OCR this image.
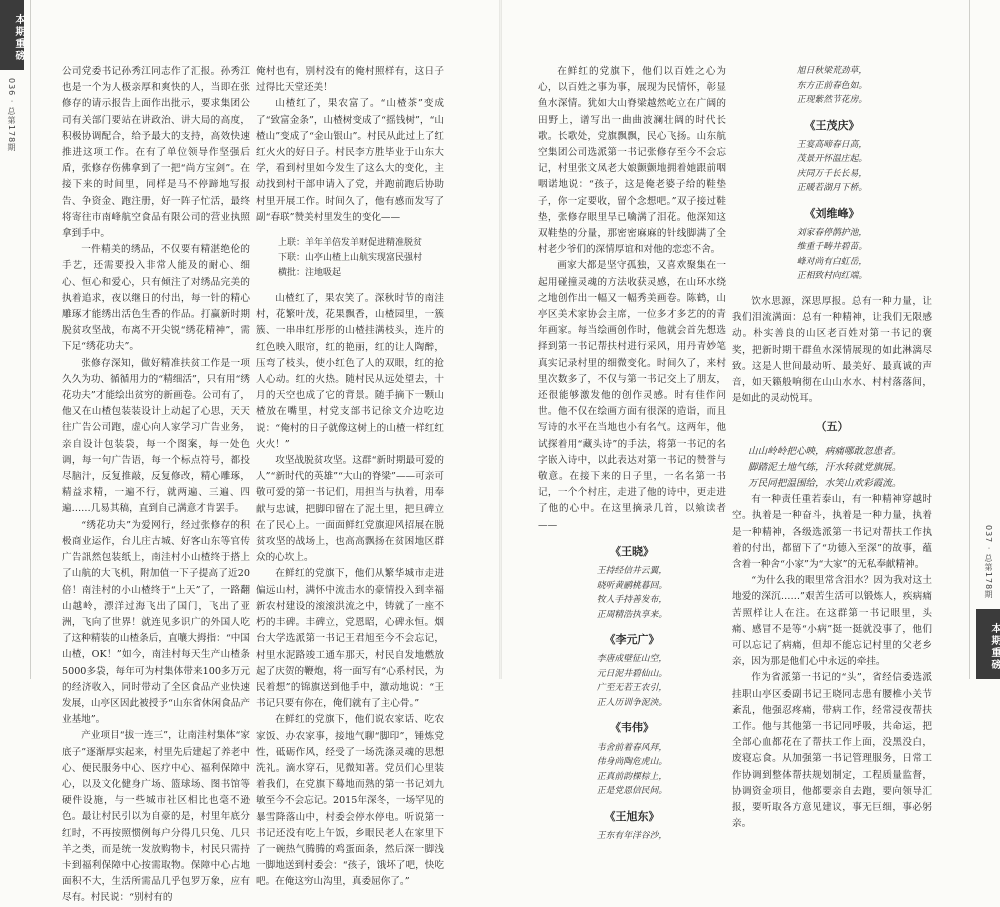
本期重磅
036 · 总第178期

公司党委书记孙秀江同志作了汇报。孙秀江也是一个为人极亲厚和爽快的人，当即在张修存的请示报告上面作出批示，要求集团公司有关部门要站在讲政治、讲大局的高度，积极协调配合，给予最大的支持，高效快速推进这项工作。在有了单位领导作坚强后盾，张修存伤佛拿到了一把“尚方宝剑”。在接下来的时间里，同样是马不停蹄地写报告、争资金、跑注册，好一阵子忙活，最终将寄往市南峰航空食品有限公司的营业执照拿到手中。

一件精美的绣品，不仅要有精湛绝伦的手艺，还需要投入非常人能及的耐心、细心、恒心和爱心，只有倾注了对绣品完美的执着追求，夜以继日的付出，每一针的精心雕琢才能绣出活色生香的作品。打赢新时期脱贫攻坚战，布离不开尖锐“绣花精神”，需下足“绣花功夫”。

张修存深知，做好精准扶贫工作是一项久久为功、循循用力的“精细活”，只有用“绣花功夫”才能绘出贫穷的新画卷。公司有了，他又在山楂包装装设计上动起了心思，天天往广告公司跑，虚心向人家学习广告业务，亲自设计包装袋，每一个图案，每一处色调，每一句广告语，每一个标点符号，都投尽脑汁，反复推敲，反复修改，精心雕琢，精益求精，一遍不行，就两遍、三遍、四遍……几易其稿，直到自己满意才肯罢手。

“绣花功夫”为爱网行，经过张修存的积极商业运作，台儿庄古城、好客山东等官传广告訊然包装纸上，南洼村小山楂终于搭上了山航的大飞机，附加值一下子提高了近20倍！南洼村的小山楂终于“上天”了，一路翻山越岭，漂洋过海飞出了国门，飞出了亚洲，飞向了世界！就连见多识广的外国人吃了这种精装的山楂条后，直嚷大拇指：“中国山楂，OK！”如今，南洼村每天生产山楂条5000多袋，每年可为村集体带来100多万元的经济收入，同时带动了全区食品产业快速发展，山亭区因此被授予“山东省休闲食品产业基地”。

产业项目“拔一连三”，让南洼村集体“家底子”逐渐厚实起来，村里先后建起了养老中心、便民服务中心、医疗中心、福利保障中心，以及文化健身广场、篮球场、图书馆等硬件设施，与一些城市社区相比也毫不逊色。最让村民引以为自豪的是，村里年底分红时，不再按照惯例每户分得几只兔、几只羊之类，而是统一发放购物卡，村民只需持卡到福利保障中心按需取物。保障中心占地面积不大，生活所需品几乎包罗万象，应有尽有。村民说：“别村有的

俺村也有，别村没有的俺村照样有，这日子过得比天堂还美！

山楂红了，果农富了。“山楂茶”变成了“致富金条”，山楂树变成了“摇钱树”，“山楂山”变成了“金山银山”。村民从此过上了红红火火的好日子。村民李方胜毕业于山东大学，看到村里如今发生了这么大的变化，主动找到村干部申请入了党，并跑前跑后协助村里开展工作。时间久了，他有感而发写了副“春联”赞美村里发生的变化——

上联：羊年羊倍发羊财促进精准脱贫
下联：山亭山楂上山航实现富民强村
横批：注地吸起

山楂红了，果农笑了。深秋时节的南洼村，花繁叶茂，花果飘香，山楂园里，一簇簇、一串串红彤彤的山楂挂满枝头，连片的红色映入眼帘，红的艳丽，红的让人陶醉，压弯了枝头，使小红色了人的双眼，红的抢人心动。红的火热。随村民从远处望去，十月的天空也成了它的背景。随手摘下一颗山楂放在嘴里，村党支部书记徐文介边吃边说：“俺村的日子就像这树上的山楂一样红红火火！”

攻坚战脱贫攻坚。这群“新时期最可爱的人”“新时代的英雄”“大山的脊梁”——可亲可敬可爱的第一书记们，用担当与执着，用奉献与忠诚，把脚印留在了泥土里，把旦碑立在了民心上。一面面鲜红党旗迎风招展在脱贫攻坚的战场上，也高高飘扬在贫困地区群众的心坎上。

在鲜红的党旗下，他们从繁华城市走进偏远山村，满怀中流击水的豪情投入到幸福新农村建设的滚滚洪流之中，铸就了一座不朽的丰碑。丰碑立，党恩昭，心碑永恒。烟台大学选派第一书记王君旭至今不会忘记，村里水泥路竣工通车那天，村民自发地燃放起了庆贺的鞭炮，将一面写有“心系村民，为民着想”的锦旗送到他手中，激动地说：“王书记只要有你在，俺们就有了主心骨。”

在鲜红的党旗下，他们说农家话、吃农家饭、办农家事，接地气聊“脚印”，锤炼党性，砥砺作风，经受了一场洗涤灵魂的思想洗礼。滴水穿石，见微知著。党员们心里装着我们，在党旗下蓦地而熟的第一书记刘九敏至今不会忘记。2015年深冬，一场罕见的暴雪降落山中，村委会停水停电。听说第一书记还没有吃上午饭，乡眼民老人在家里下了一碗热气腾腾的鸡蛋面条，然后深一脚浅一脚地送到村委会：“孩子，饿坏了吧，快吃吧。在俺这穷山沟里，真委屈你了。”

在鲜红的党旗下，他们以百姓之心为心，以百姓之事为事，展现为民情怀，彰显鱼水深情。犹如大山脊梁越然屹立在广阔的田野上，谱写出一曲曲波澜壮阔的时代长歌。长歌处，党旗飘飘，民心飞扬。山东航空集团公司选派第一书记张修存至今不会忘记，村里张文凤老大娘颤颤地拥着她跟前咽咽诺地说：“孩子，这是俺老婆子给的鞋垫子，你一定要收，留个念想吧。”双子接过鞋垫，张修存眼里旱已噙满了泪花。他深知这双鞋垫的分量，那密密麻麻的针线脚满了全村老少爷们的深情厚谊和对他的恋恋不舍。

画家大都是坚守孤独，又喜欢聚集在一起用碰撞灵魂的方法收获灵感，在山环水绕之地创作出一幅又一幅秀美画卷。陈鹤，山亭区美术家协会主席，一位多才多艺的的青年画家。每当绘画创作时，他就会首先想选择到第一书记帮扶村进行采风，用丹青妙笔真实记录村里的细微变化。时间久了，来村里次数多了，不仅与第一书记交上了朋友，还很能够激发他的创作灵感。时有佳作问世。他不仅在绘画方面有很深的造诣，而且写诗的水平在当地也小有名气。这两年，他试探着用“藏头诗”的手法，将第一书记的名字嵌入诗中，以此表达对第一书记的赞誉与敬意。在接下来的日子里，一名名第一书记，一个个村庄，走进了他的诗中，更走进了他的心中。在这里摘录几首，以飨读者——

《王晓》
王持经信井云翼，
晓听黄鹂桃暮回。
牧人手持善发布，
正周精浩执享来。
《李元广》
李唐成壁征山空，
元日泥井碧仙山。
广至无若王农引，
正人历训争泥泱。
《韦伟》
韦舍前着春风拜，
伟身尚陶危虎山。
正真前韵棵棕上，
正是党恩信民间。
《王旭东》
王东有年洋谷沙，
旭日秋梁荒劲草，
东方正前春色如。
正现紫然节花房。
《王茂庆》
王宴高啼春日高，
茂景开怀温庄起。
庆同万千长长易，
正暖若湖月下桥。
《刘维峰》
刘家春停鹊护池，
维重千畴井碧苗。
峰对尚有白虹岳，
正相致村向红端。

饮水思源，深思厚报。总有一种力量，让我们泪流满面：总有一种精神，让我们无限感动。朴实善良的山区老百姓对第一书记的褒奖，把新时期干群鱼水深情展现的如此淋漓尽致。这是人世间最动听、最美好、最真诚的声音，如天籁般响彻在山山水水、村村落落间，是如此的灵动悦耳。

（五）
山山岭岭把心映，病痛哪敢忽患者。
脚踏泥土地气练，汗水转就党旗展。
万民同把温围给，水笑山欢彩霞流。

有一种责任重若泰山，有一种精神穿越时空。执着是一种奋斗，执着是一种力量，执着是一种精神，各级选派第一书记对帮扶工作执着的付出，都留下了“功德入至深”的故事，蕴含着一种舍“小家”为“大家”的无私奉献精神。

“为什么我的眼里常含泪水？因为我对这土地爱的深沉……”艰苦生活可以锻炼人，疾病痛苦照样让人在注。在这群第一书记眼里，头痛、感冒不是等“小病”挺一挺就没事了，他们可以忘记了病痛，但却不能忘记村里的父老乡亲，因为那是他们心中永远的牵挂。

作为省派第一书记的“头”，省经信委选派挂职山亭区委副书记王晓同志患有腰椎小关节紊乱，他强忍疼痛，带病工作，经常浸夜帮扶工作。他与其他第一书记同呼吸，共命运，把全部心血都花在了帮扶工作上面，没黑没白，废寝忘食。从加强第一书记管理服务，日常工作协调到整体帮扶规划制定，工程质量监督，协调资金项目，他都要亲自去跑，要向领导汇报，要听取各方意见建议，事无巨细，事必躬亲。

037 · 总第178期
本期重磅
